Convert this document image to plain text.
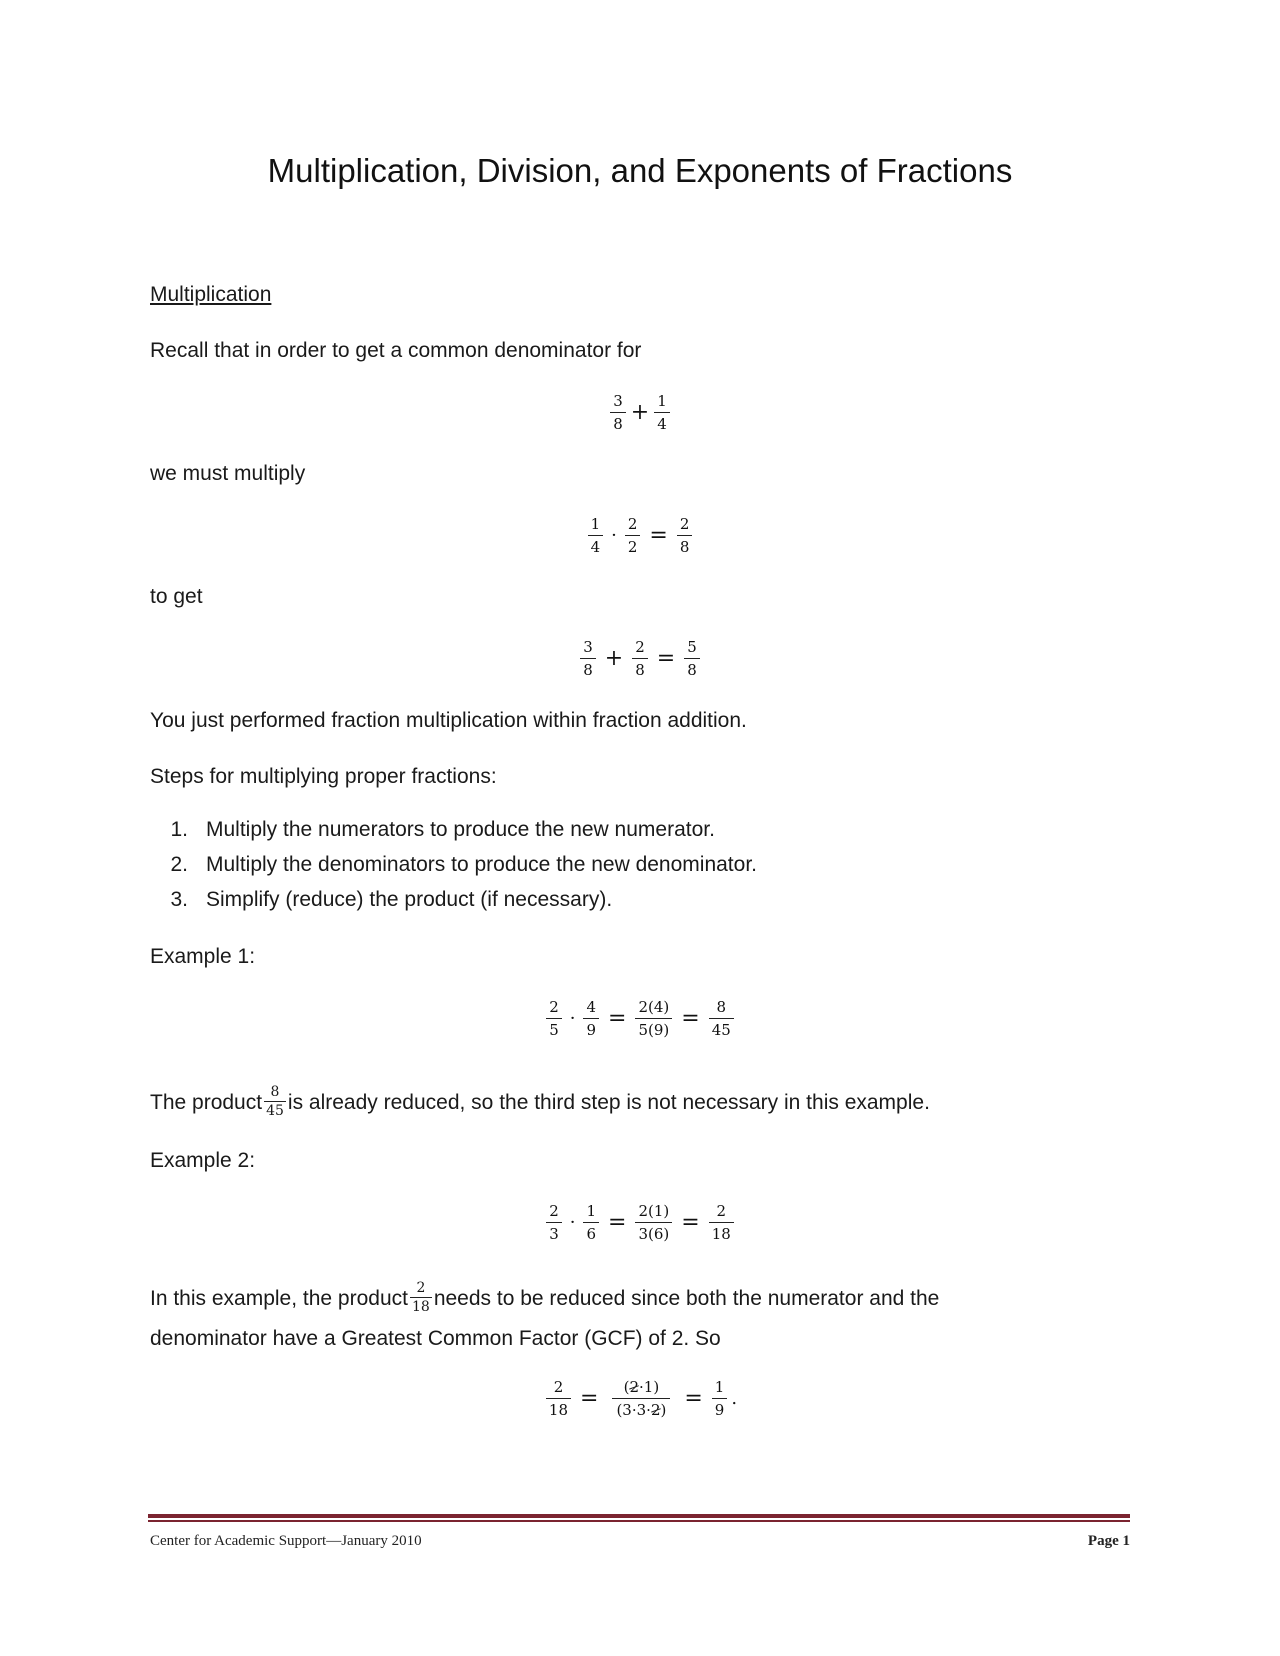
Multiplication, Division, and Exponents of Fractions
Multiplication
Recall that in order to get a common denominator for
$\frac{3}{8} + \frac{1}{4}$
we must multiply
$\frac{1}{4} \cdot \frac{2}{2} = \frac{2}{8}$
to get
$\frac{3}{8} + \frac{2}{8} = \frac{5}{8}$
You just performed fraction multiplication within fraction addition.
Steps for multiplying proper fractions:
1. Multiply the numerators to produce the new numerator.
2. Multiply the denominators to produce the new denominator.
3. Simplify (reduce) the product (if necessary).
Example 1:
$\frac{2}{5} \cdot \frac{4}{9} = \frac{2(4)}{5(9)} = \frac{8}{45}$
The product $\frac{8}{45}$ is already reduced, so the third step is not necessary in this example.
Example 2:
$\frac{2}{3} \cdot \frac{1}{6} = \frac{2(1)}{3(6)} = \frac{2}{18}$
In this example, the product $\frac{2}{18}$ needs to be reduced since both the numerator and the
denominator have a Greatest Common Factor (GCF) of 2. So
$\frac{2}{18} = \frac{(2\cdot 1)}{(3\cdot 3\cdot 2)} = \frac{1}{9}$ .
Center for Academic Support—January 2010	Page 1
